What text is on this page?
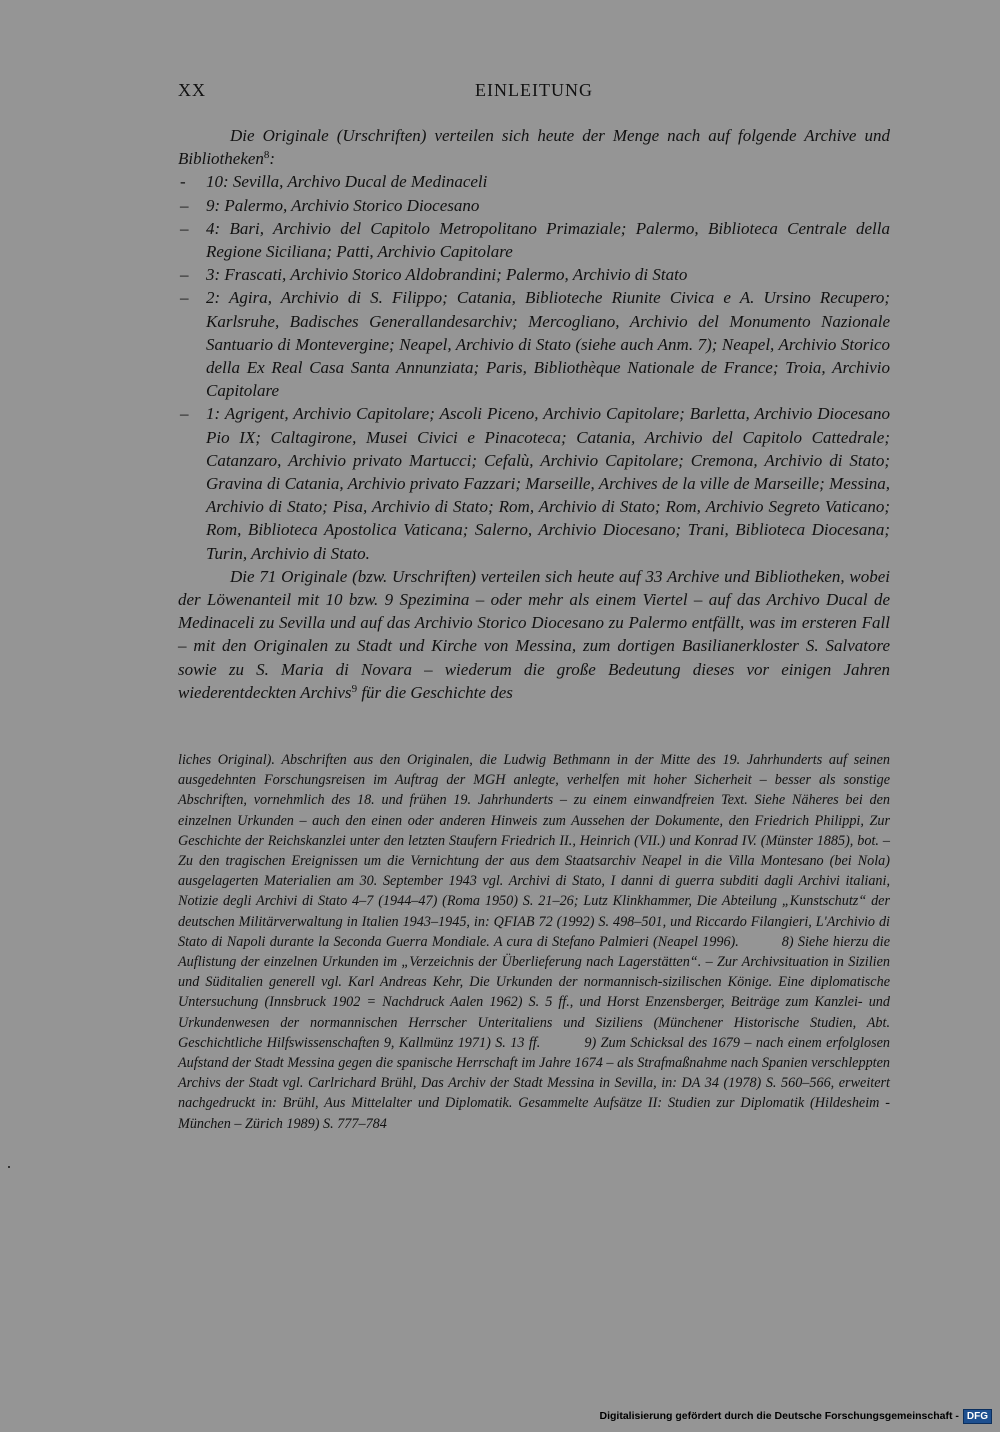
XX	EINLEITUNG

Die Originale (Urschriften) verteilen sich heute der Menge nach auf folgende Archive und Bibliotheken$^8$:

- 10: Sevilla, Archivo Ducal de Medinaceli
– 9: Palermo, Archivio Storico Diocesano
– 4: Bari, Archivio del Capitolo Metropolitano Primaziale; Palermo, Biblioteca Centrale della Regione Siciliana; Patti, Archivio Capitolare
– 3: Frascati, Archivio Storico Aldobrandini; Palermo, Archivio di Stato
– 2: Agira, Archivio di S. Filippo; Catania, Biblioteche Riunite Civica e A. Ursino Recupero; Karlsruhe, Badisches Generallandesarchiv; Mercogliano, Archivio del Monumento Nazionale Santuario di Montevergine; Neapel, Archivio di Stato (siehe auch Anm. 7); Neapel, Archivio Storico della Ex Real Casa Santa Annunziata; Paris, Bibliothèque Nationale de France; Troia, Archivio Capitolare
– 1: Agrigent, Archivio Capitolare; Ascoli Piceno, Archivio Capitolare; Barletta, Archivio Diocesano Pio IX; Caltagirone, Musei Civici e Pinacoteca; Catania, Archivio del Capitolo Cattedrale; Catanzaro, Archivio privato Martucci; Cefalù, Archivio Capitolare; Cremona, Archivio di Stato; Gravina di Catania, Archivio privato Fazzari; Marseille, Archives de la ville de Marseille; Messina, Archivio di Stato; Pisa, Archivio di Stato; Rom, Archivio di Stato; Rom, Archivio Segreto Vaticano; Rom, Biblioteca Apostolica Vaticana; Salerno, Archivio Diocesano; Trani, Biblioteca Diocesana; Turin, Archivio di Stato.

Die 71 Originale (bzw. Urschriften) verteilen sich heute auf 33 Archive und Bibliotheken, wobei der Löwenanteil mit 10 bzw. 9 Spezimina – oder mehr als einem Viertel – auf das Archivo Ducal de Medinaceli zu Sevilla und auf das Archivio Storico Diocesano zu Palermo entfällt, was im ersteren Fall – mit den Originalen zu Stadt und Kirche von Messina, zum dortigen Basilianerkloster S. Salvatore sowie zu S. Maria di Novara – wiederum die große Bedeutung dieses vor einigen Jahren wiederentdeckten Archivs$^9$ für die Geschichte des

liches Original). Abschriften aus den Originalen, die Ludwig Bethmann in der Mitte des 19. Jahrhunderts auf seinen ausgedehnten Forschungsreisen im Auftrag der MGH anlegte, verhelfen mit hoher Sicherheit – besser als sonstige Abschriften, vornehmlich des 18. und frühen 19. Jahrhunderts – zu einem einwandfreien Text. Siehe Näheres bei den einzelnen Urkunden – auch den einen oder anderen Hinweis zum Aussehen der Dokumente, den Friedrich Philippi, Zur Geschichte der Reichskanzlei unter den letzten Staufern Friedrich II., Heinrich (VII.) und Konrad IV. (Münster 1885), bot. – Zu den tragischen Ereignissen um die Vernichtung der aus dem Staatsarchiv Neapel in die Villa Montesano (bei Nola) ausgelagerten Materialien am 30. September 1943 vgl. Archivi di Stato, I danni di guerra subditi dagli Archivi italiani, Notizie degli Archivi di Stato 4–7 (1944–47) (Roma 1950) S. 21–26; Lutz Klinkhammer, Die Abteilung „Kunstschutz“ der deutschen Militärverwaltung in Italien 1943–1945, in: QFIAB 72 (1992) S. 498–501, und Riccardo Filangieri, L'Archivio di Stato di Napoli durante la Seconda Guerra Mondiale. A cura di Stefano Palmieri (Neapel 1996).          8) Siehe hierzu die Auflistung der einzelnen Urkunden im „Verzeichnis der Überlieferung nach Lagerstätten“. – Zur Archivsituation in Sizilien und Süditalien generell vgl. Karl Andreas Kehr, Die Urkunden der normannisch-sizilischen Könige. Eine diplomatische Untersuchung (Innsbruck 1902 = Nachdruck Aalen 1962) S. 5 ff., und Horst Enzensberger, Beiträge zum Kanzlei- und Urkundenwesen der normannischen Herrscher Unteritaliens und Siziliens (Münchener Historische Studien, Abt. Geschichtliche Hilfswissenschaften 9, Kallmünz 1971) S. 13 ff.          9) Zum Schicksal des 1679 – nach einem erfolglosen Aufstand der Stadt Messina gegen die spanische Herrschaft im Jahre 1674 – als Strafmaßnahme nach Spanien verschleppten Archivs der Stadt vgl. Carlrichard Brühl, Das Archiv der Stadt Messina in Sevilla, in: DA 34 (1978) S. 560–566, erweitert nachgedruckt in: Brühl, Aus Mittelalter und Diplomatik. Gesammelte Aufsätze II: Studien zur Diplomatik (Hildesheim - München – Zürich 1989) S. 777–784

Digitalisierung gefördert durch die Deutsche Forschungsgemeinschaft - DFG
